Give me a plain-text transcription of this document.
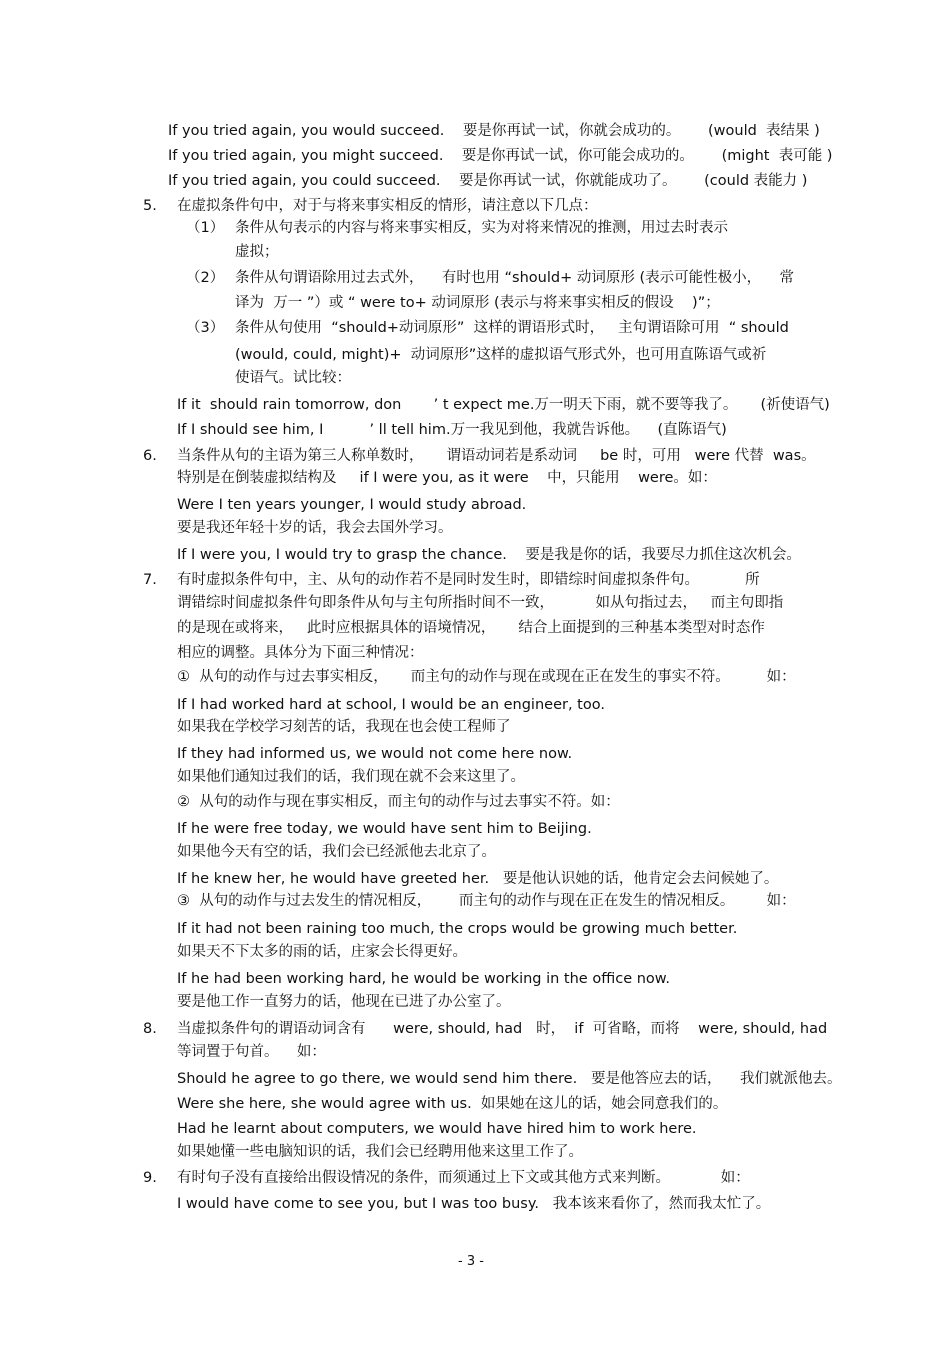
If you tried again, you would succeed.    要是你再试一试，你就会成功的。      (would  表结果 )
If you tried again, you might succeed.    要是你再试一试，你可能会成功的。      (might  表可能 )
If you tried again, you could succeed.    要是你再试一试，你就能成功了。      (could 表能力 )
5. 在虚拟条件句中，对于与将来事实相反的情形，请注意以下几点：
（1） 条件从句表示的内容与将来事实相反，实为对将来情况的推测，用过去时表示
虚拟；
（2） 条件从句谓语除用过去式外，    有时也用 “should+ 动词原形 (表示可能性极小，    常
译为  万一 ”）或 “ were to+ 动词原形 (表示与将来事实相反的假设    )”；
（3） 条件从句使用  “should+动词原形”  这样的谓语形式时，   主句谓语除可用  “ should
(would, could, might)+  动词原形”这样的虚拟语气形式外，也可用直陈语气或祈
使语气。试比较：
If it  should rain tomorrow, don       ’ t expect me.万一明天下雨，就不要等我了。     (祈使语气)
If I should see him, I          ’ ll tell him.万一我见到他，我就告诉他。    (直陈语气)
6. 当条件从句的主语为第三人称单数时，     谓语动词若是系动词     be 时，可用   were 代替  was。
特别是在倒装虚拟结构及     if I were you, as it were    中，只能用    were。如：
Were I ten years younger, I would study abroad.
要是我还年轻十岁的话，我会去国外学习。
If I were you, I would try to grasp the chance.    要是我是你的话，我要尽力抓住这次机会。
7. 有时虚拟条件句中，主、从句的动作若不是同时发生时，即错综时间虚拟条件句。          所
谓错综时间虚拟条件句即条件从句与主句所指时间不一致，         如从句指过去，   而主句即指
的是现在或将来，   此时应根据具体的语境情况，     结合上面提到的三种基本类型对时态作
相应的调整。具体分为下面三种情况：
①  从句的动作与过去事实相反，     而主句的动作与现在或现在正在发生的事实不符。        如：
If I had worked hard at school, I would be an engineer, too.
如果我在学校学习刻苦的话，我现在也会使工程师了
If they had informed us, we would not come here now.
如果他们通知过我们的话，我们现在就不会来这里了。
②  从句的动作与现在事实相反，而主句的动作与过去事实不符。如：
If he were free today, we would have sent him to Beijing.
如果他今天有空的话，我们会已经派他去北京了。
If he knew her, he would have greeted her.   要是他认识她的话，他肯定会去问候她了。
③  从句的动作与过去发生的情况相反，      而主句的动作与现在正在发生的情况相反。       如：
If it had not been raining too much, the crops would be growing much better.
如果天不下太多的雨的话，庄家会长得更好。
If he had been working hard, he would be working in the office now.
要是他工作一直努力的话，他现在已进了办公室了。
8. 当虚拟条件句的谓语动词含有      were, should, had   时，  if  可省略，而将    were, should, had
等词置于句首。    如：
Should he agree to go there, we would send him there.   要是他答应去的话，    我们就派他去。
Were she here, she would agree with us.  如果她在这儿的话，她会同意我们的。
Had he learnt about computers, we would have hired him to work here.
如果她懂一些电脑知识的话，我们会已经聘用他来这里工作了。
9. 有时句子没有直接给出假设情况的条件，而须通过上下文或其他方式来判断。           如：
I would have come to see you, but I was too busy.   我本该来看你了，然而我太忙了。
- 3 -
